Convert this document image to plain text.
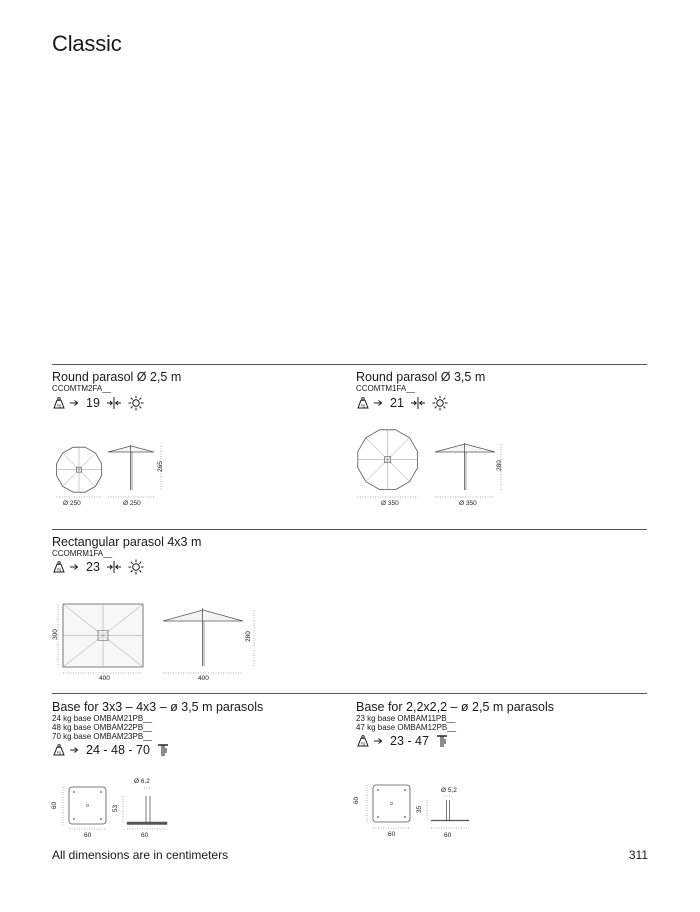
Classic
Round parasol Ø 2,5 m
CCOMTM2FA__
19
Ø 250
265
Ø 250
Round parasol Ø 3,5 m
CCOMTM1FA__
21
Ø 350
280
Ø 350
Rectangular parasol 4x3 m
CCOMRM1FA__
23
300
400
280
400
Base for 3x3 – 4x3 – ø 3,5 m parasols
24 kg base OMBAM21PB__
48 kg base OMBAM22PB__
70 kg base OMBAM23PB__
24 - 48 - 70
60
60
Ø 6,2
53
60
Base for 2,2x2,2 – ø 2,5 m parasols
23 kg base OMBAM11PB__
47 kg base OMBAM12PB__
23 - 47
60
60
Ø 5,2
35
60
All dimensions are in centimeters	311
